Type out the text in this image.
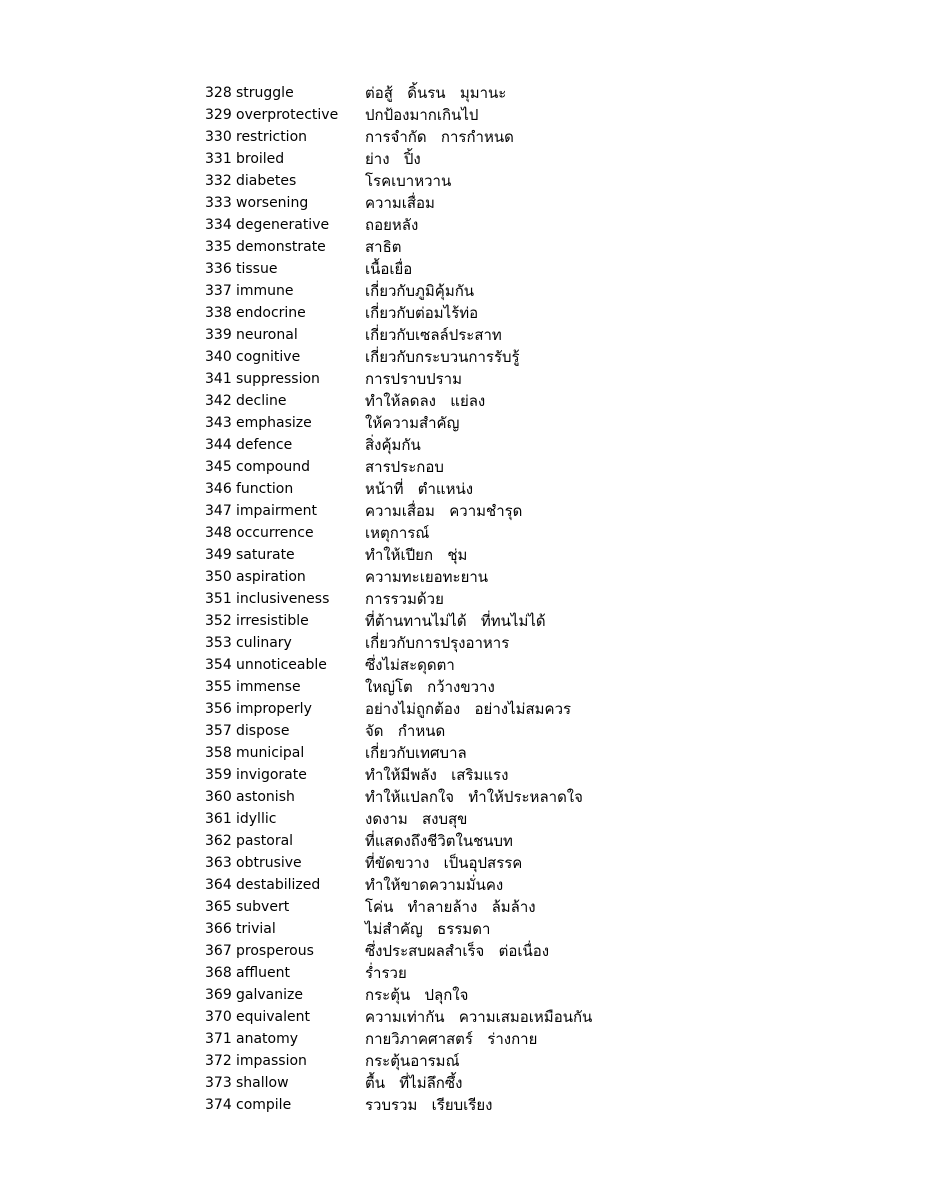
328 struggle	ต่อสู้   ดิ้นรน   มุมานะ
329 overprotective	ปกป้องมากเกินไป
330 restriction	การจำกัด   การกำหนด
331 broiled	ย่าง   ปิ้ง
332 diabetes	โรคเบาหวาน
333 worsening	ความเสื่อม
334 degenerative	ถอยหลัง
335 demonstrate	สาธิต
336 tissue	เนื้อเยื่อ
337 immune	เกี่ยวกับภูมิคุ้มกัน
338 endocrine	เกี่ยวกับต่อมไร้ท่อ
339 neuronal	เกี่ยวกับเซลล์ประสาท
340 cognitive	เกี่ยวกับกระบวนการรับรู้
341 suppression	การปราบปราม
342 decline	ทำให้ลดลง   แย่ลง
343 emphasize	ให้ความสำคัญ
344 defence	สิ่งคุ้มกัน
345 compound	สารประกอบ
346 function	หน้าที่   ตำแหน่ง
347 impairment	ความเสื่อม   ความชำรุด
348 occurrence	เหตุการณ์
349 saturate	ทำให้เปียก   ชุ่ม
350 aspiration	ความทะเยอทะยาน
351 inclusiveness	การรวมด้วย
352 irresistible	ที่ต้านทานไม่ได้   ที่ทนไม่ได้
353 culinary	เกี่ยวกับการปรุงอาหาร
354 unnoticeable	ซึ่งไม่สะดุดตา
355 immense	ใหญ่โต   กว้างขวาง
356 improperly	อย่างไม่ถูกต้อง   อย่างไม่สมควร
357 dispose	จัด   กำหนด
358 municipal	เกี่ยวกับเทศบาล
359 invigorate	ทำให้มีพลัง   เสริมแรง
360 astonish	ทำให้แปลกใจ   ทำให้ประหลาดใจ
361 idyllic	งดงาม   สงบสุข
362 pastoral	ที่แสดงถึงชีวิตในชนบท
363 obtrusive	ที่ขัดขวาง   เป็นอุปสรรค
364 destabilized	ทำให้ขาดความมั่นคง
365 subvert	โค่น   ทำลายล้าง   ล้มล้าง
366 trivial	ไม่สำคัญ   ธรรมดา
367 prosperous	ซึ่งประสบผลสำเร็จ   ต่อเนื่อง
368 affluent	ร่ำรวย
369 galvanize	กระตุ้น   ปลุกใจ
370 equivalent	ความเท่ากัน   ความเสมอเหมือนกัน
371 anatomy	กายวิภาคศาสตร์   ร่างกาย
372 impassion	กระตุ้นอารมณ์
373 shallow	ตื้น   ที่ไม่ลึกซึ้ง
374 compile	รวบรวม   เรียบเรียง
